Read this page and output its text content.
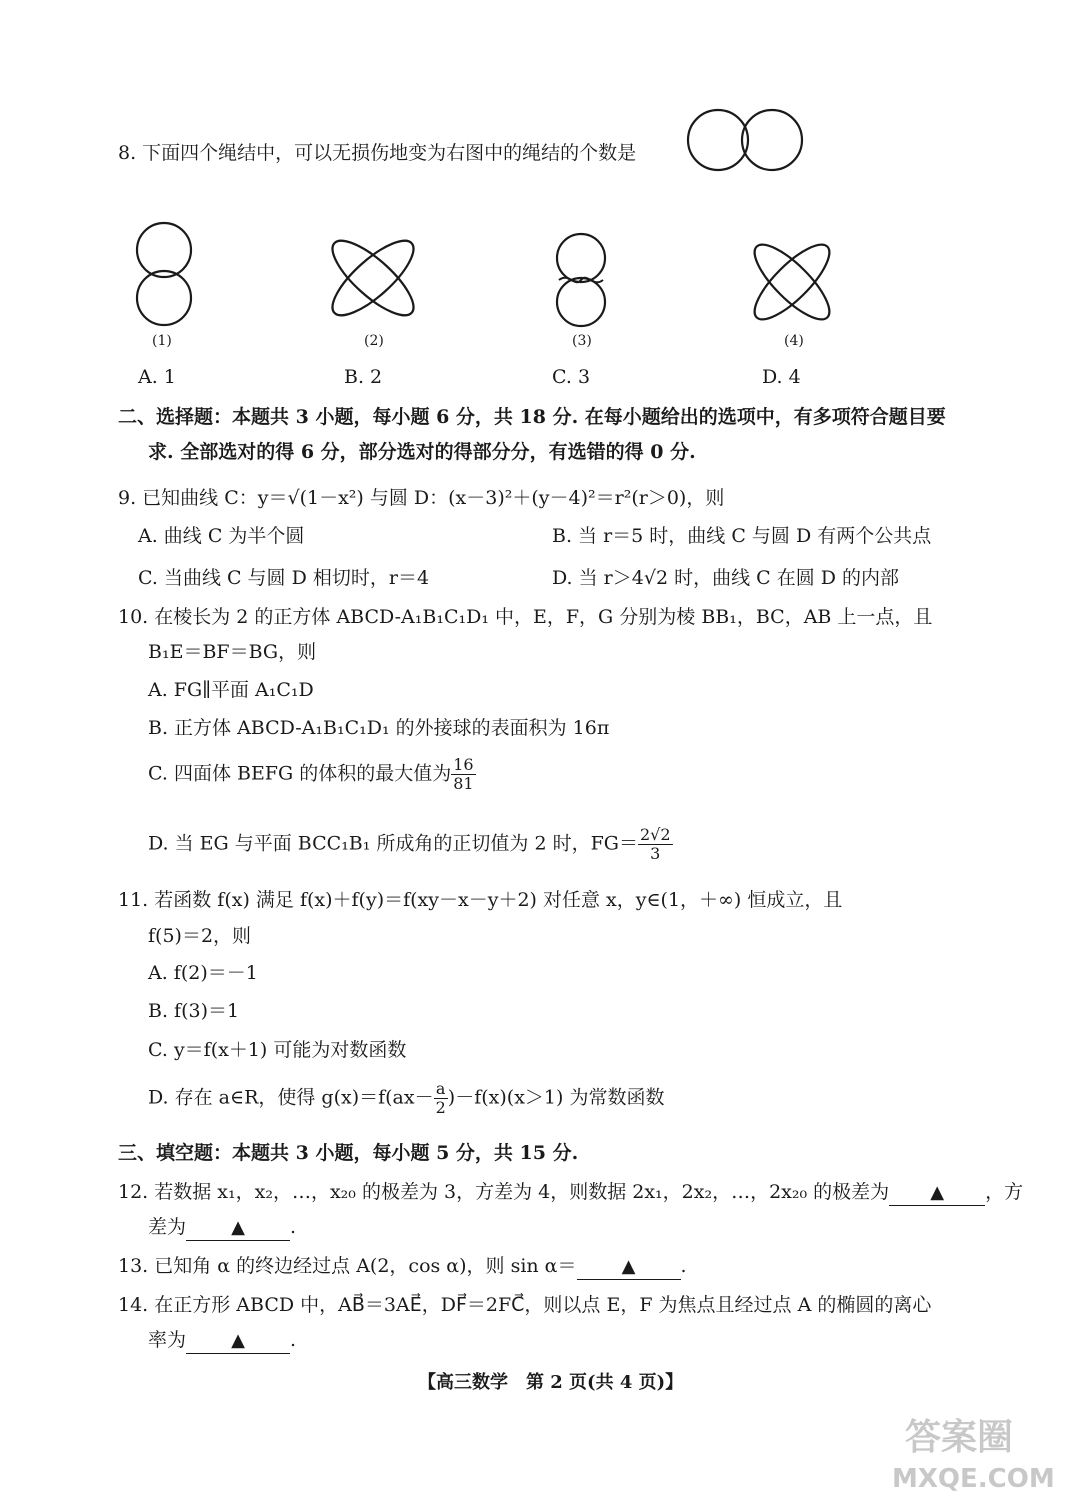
8. 下面四个绳结中，可以无损伤地变为右图中的绳结的个数是
(1)	(2)	(3)	(4)
A. 1	B. 2	C. 3	D. 4
二、选择题：本题共 3 小题，每小题 6 分，共 18 分. 在每小题给出的选项中，有多项符合题目要
求. 全部选对的得 6 分，部分选对的得部分分，有选错的得 0 分.
9. 已知曲线 C：y＝√(1－x²) 与圆 D：(x－3)²＋(y－4)²＝r²(r＞0)，则
A. 曲线 C 为半个圆	B. 当 r＝5 时，曲线 C 与圆 D 有两个公共点
C. 当曲线 C 与圆 D 相切时，r＝4	D. 当 r＞4√2 时，曲线 C 在圆 D 的内部
10. 在棱长为 2 的正方体 ABCD-A₁B₁C₁D₁ 中，E，F，G 分别为棱 BB₁，BC，AB 上一点，且
B₁E＝BF＝BG，则
A. FG∥平面 A₁C₁D
B. 正方体 ABCD-A₁B₁C₁D₁ 的外接球的表面积为 16π
C. 四面体 BEFG 的体积的最大值为 $\frac{16}{81}$
D. 当 EG 与平面 BCC₁B₁ 所成角的正切值为 2 时，$FG= \frac{2√2}{3}$
11. 若函数 f(x) 满足 f(x)＋f(y)＝f(xy－x－y＋2) 对任意 x，y∈(1，＋∞) 恒成立，且
f(5)＝2，则
A. f(2)＝－1
B. f(3)＝1
C. y＝f(x＋1) 可能为对数函数
D. 存在 a∈R，使得 $g(x)=f(ax- \frac{a}{2} )-f(x)(x>1)$ 为常数函数
三、填空题：本题共 3 小题，每小题 5 分，共 15 分.
12. 若数据 x₁，x₂，…，x₂₀ 的极差为 3，方差为 4，则数据 2x₁，2x₂，…，2x₂₀ 的极差为 ▲ ，方
差为	▲ .
13. 已知角 α 的终边经过点 A(2，cos α)，则 sin α＝	▲ .
14. 在正方形 ABCD 中，AB⃗＝3AE⃗，DF⃗＝2FC⃗，则以点 E，F 为焦点且经过点 A 的椭圆的离心
率为	▲ .
【高三数学　第 2 页(共 4 页)】
答案圈
MXQE.COM
